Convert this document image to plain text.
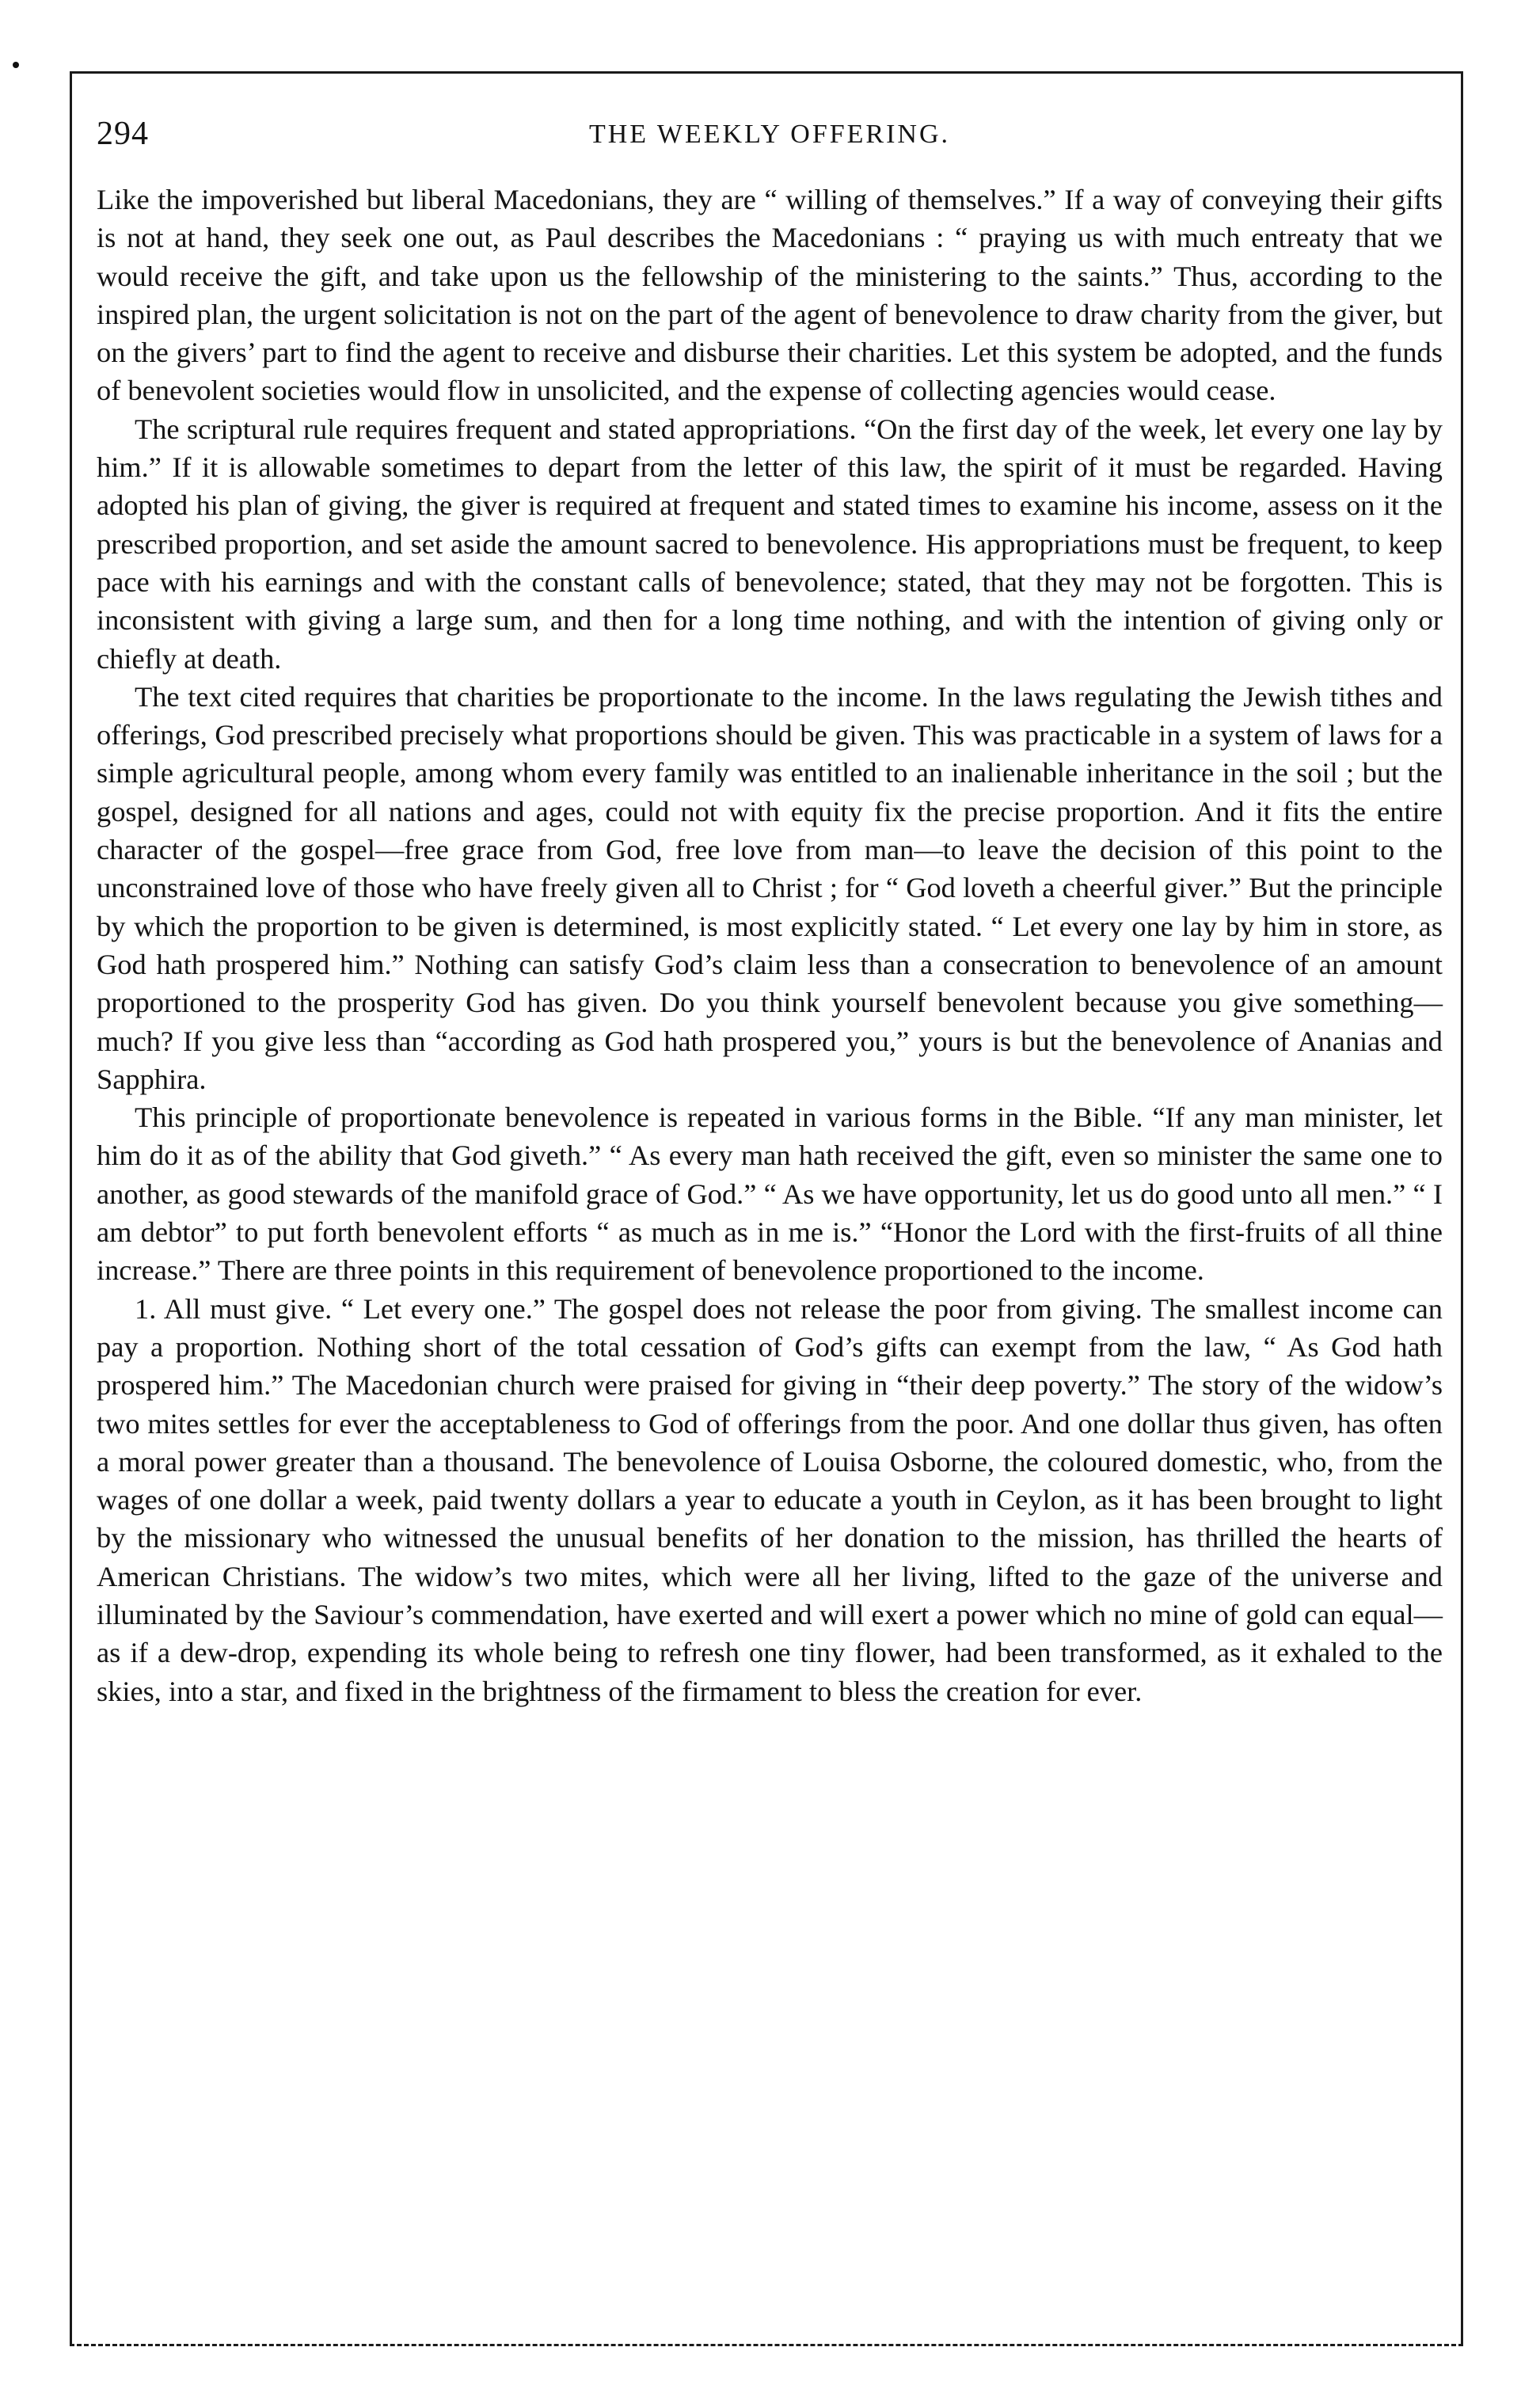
294	THE WEEKLY OFFERING.

Like the impoverished but liberal Macedonians, they are “ willing of themselves.” If a way of conveying their gifts is not at hand, they seek one out, as Paul describes the Macedonians : “ praying us with much entreaty that we would receive the gift, and take upon us the fellowship of the ministering to the saints.” Thus, according to the inspired plan, the urgent solicitation is not on the part of the agent of benevolence to draw charity from the giver, but on the givers’ part to find the agent to receive and disburse their charities. Let this system be adopted, and the funds of benevolent societies would flow in unsolicited, and the expense of collecting agencies would cease.

The scriptural rule requires frequent and stated appropriations. “On the first day of the week, let every one lay by him.” If it is allowable sometimes to depart from the letter of this law, the spirit of it must be regarded. Having adopted his plan of giving, the giver is required at frequent and stated times to examine his income, assess on it the prescribed proportion, and set aside the amount sacred to benevolence. His appropriations must be frequent, to keep pace with his earnings and with the constant calls of benevolence; stated, that they may not be forgotten. This is inconsistent with giving a large sum, and then for a long time nothing, and with the intention of giving only or chiefly at death.

The text cited requires that charities be proportionate to the income. In the laws regulating the Jewish tithes and offerings, God prescribed precisely what proportions should be given. This was practicable in a system of laws for a simple agricultural people, among whom every family was entitled to an inalienable inheritance in the soil ; but the gospel, designed for all nations and ages, could not with equity fix the precise proportion. And it fits the entire character of the gospel—free grace from God, free love from man—to leave the decision of this point to the unconstrained love of those who have freely given all to Christ ; for “ God loveth a cheerful giver.” But the principle by which the proportion to be given is determined, is most explicitly stated. “ Let every one lay by him in store, as God hath prospered him.” Nothing can satisfy God’s claim less than a consecration to benevolence of an amount proportioned to the prosperity God has given. Do you think yourself benevolent because you give something—much? If you give less than “according as God hath prospered you,” yours is but the benevolence of Ananias and Sapphira.

This principle of proportionate benevolence is repeated in various forms in the Bible. “If any man minister, let him do it as of the ability that God giveth.” “ As every man hath received the gift, even so minister the same one to another, as good stewards of the manifold grace of God.” “ As we have opportunity, let us do good unto all men.” “ I am debtor” to put forth benevolent efforts “ as much as in me is.” “Honor the Lord with the first-fruits of all thine increase.” There are three points in this requirement of benevolence proportioned to the income.

1. All must give. “ Let every one.” The gospel does not release the poor from giving. The smallest income can pay a proportion. Nothing short of the total cessation of God’s gifts can exempt from the law, “ As God hath prospered him.” The Macedonian church were praised for giving in “their deep poverty.” The story of the widow’s two mites settles for ever the acceptableness to God of offerings from the poor. And one dollar thus given, has often a moral power greater than a thousand. The benevolence of Louisa Osborne, the coloured domestic, who, from the wages of one dollar a week, paid twenty dollars a year to educate a youth in Ceylon, as it has been brought to light by the missionary who witnessed the unusual benefits of her donation to the mission, has thrilled the hearts of American Christians. The widow’s two mites, which were all her living, lifted to the gaze of the universe and illuminated by the Saviour’s commendation, have exerted and will exert a power which no mine of gold can equal—as if a dew-drop, expending its whole being to refresh one tiny flower, had been transformed, as it exhaled to the skies, into a star, and fixed in the brightness of the firmament to bless the creation for ever.
